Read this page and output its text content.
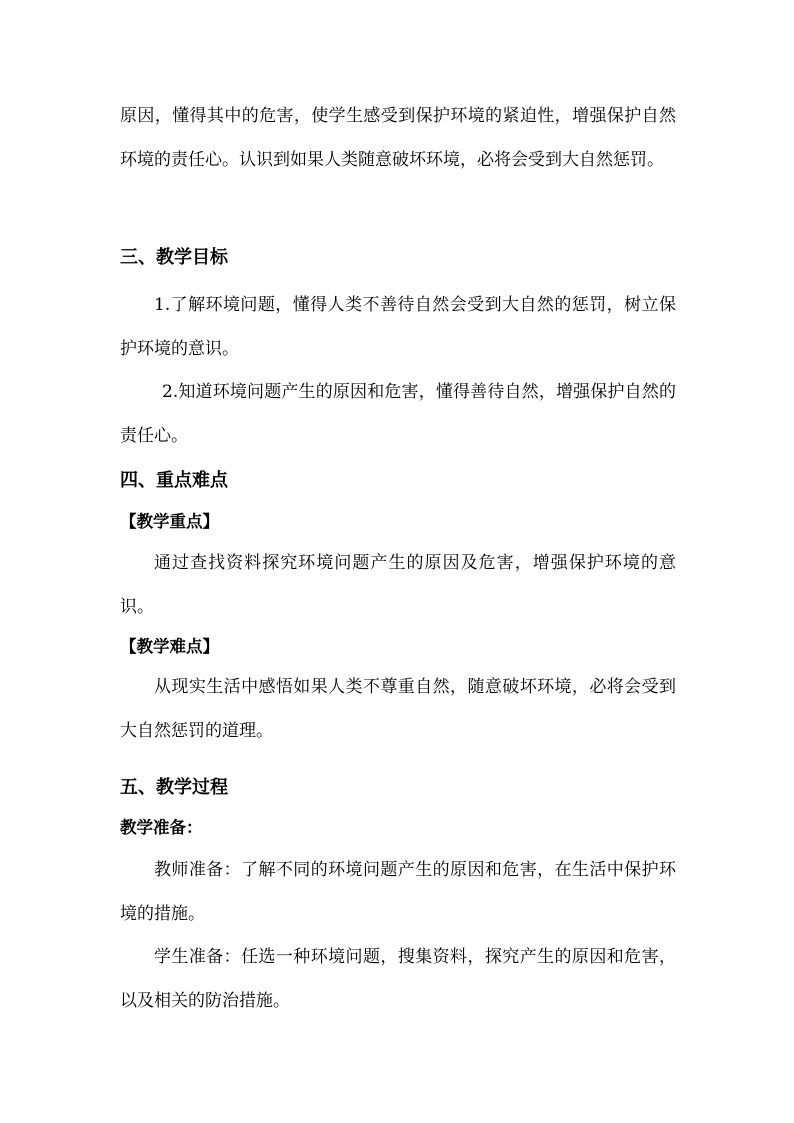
原因，懂得其中的危害，使学生感受到保护环境的紧迫性，增强保护自然环境的责任心。认识到如果人类随意破坏环境，必将会受到大自然惩罚。

三、教学目标

1.了解环境问题，懂得人类不善待自然会受到大自然的惩罚，树立保护环境的意识。

2.知道环境问题产生的原因和危害，懂得善待自然，增强保护自然的责任心。

四、重点难点

【教学重点】

通过查找资料探究环境问题产生的原因及危害，增强保护环境的意识。

【教学难点】

从现实生活中感悟如果人类不尊重自然，随意破坏环境，必将会受到大自然惩罚的道理。

五、教学过程

教学准备：

教师准备：了解不同的环境问题产生的原因和危害，在生活中保护环境的措施。

学生准备：任选一种环境问题，搜集资料，探究产生的原因和危害，以及相关的防治措施。
